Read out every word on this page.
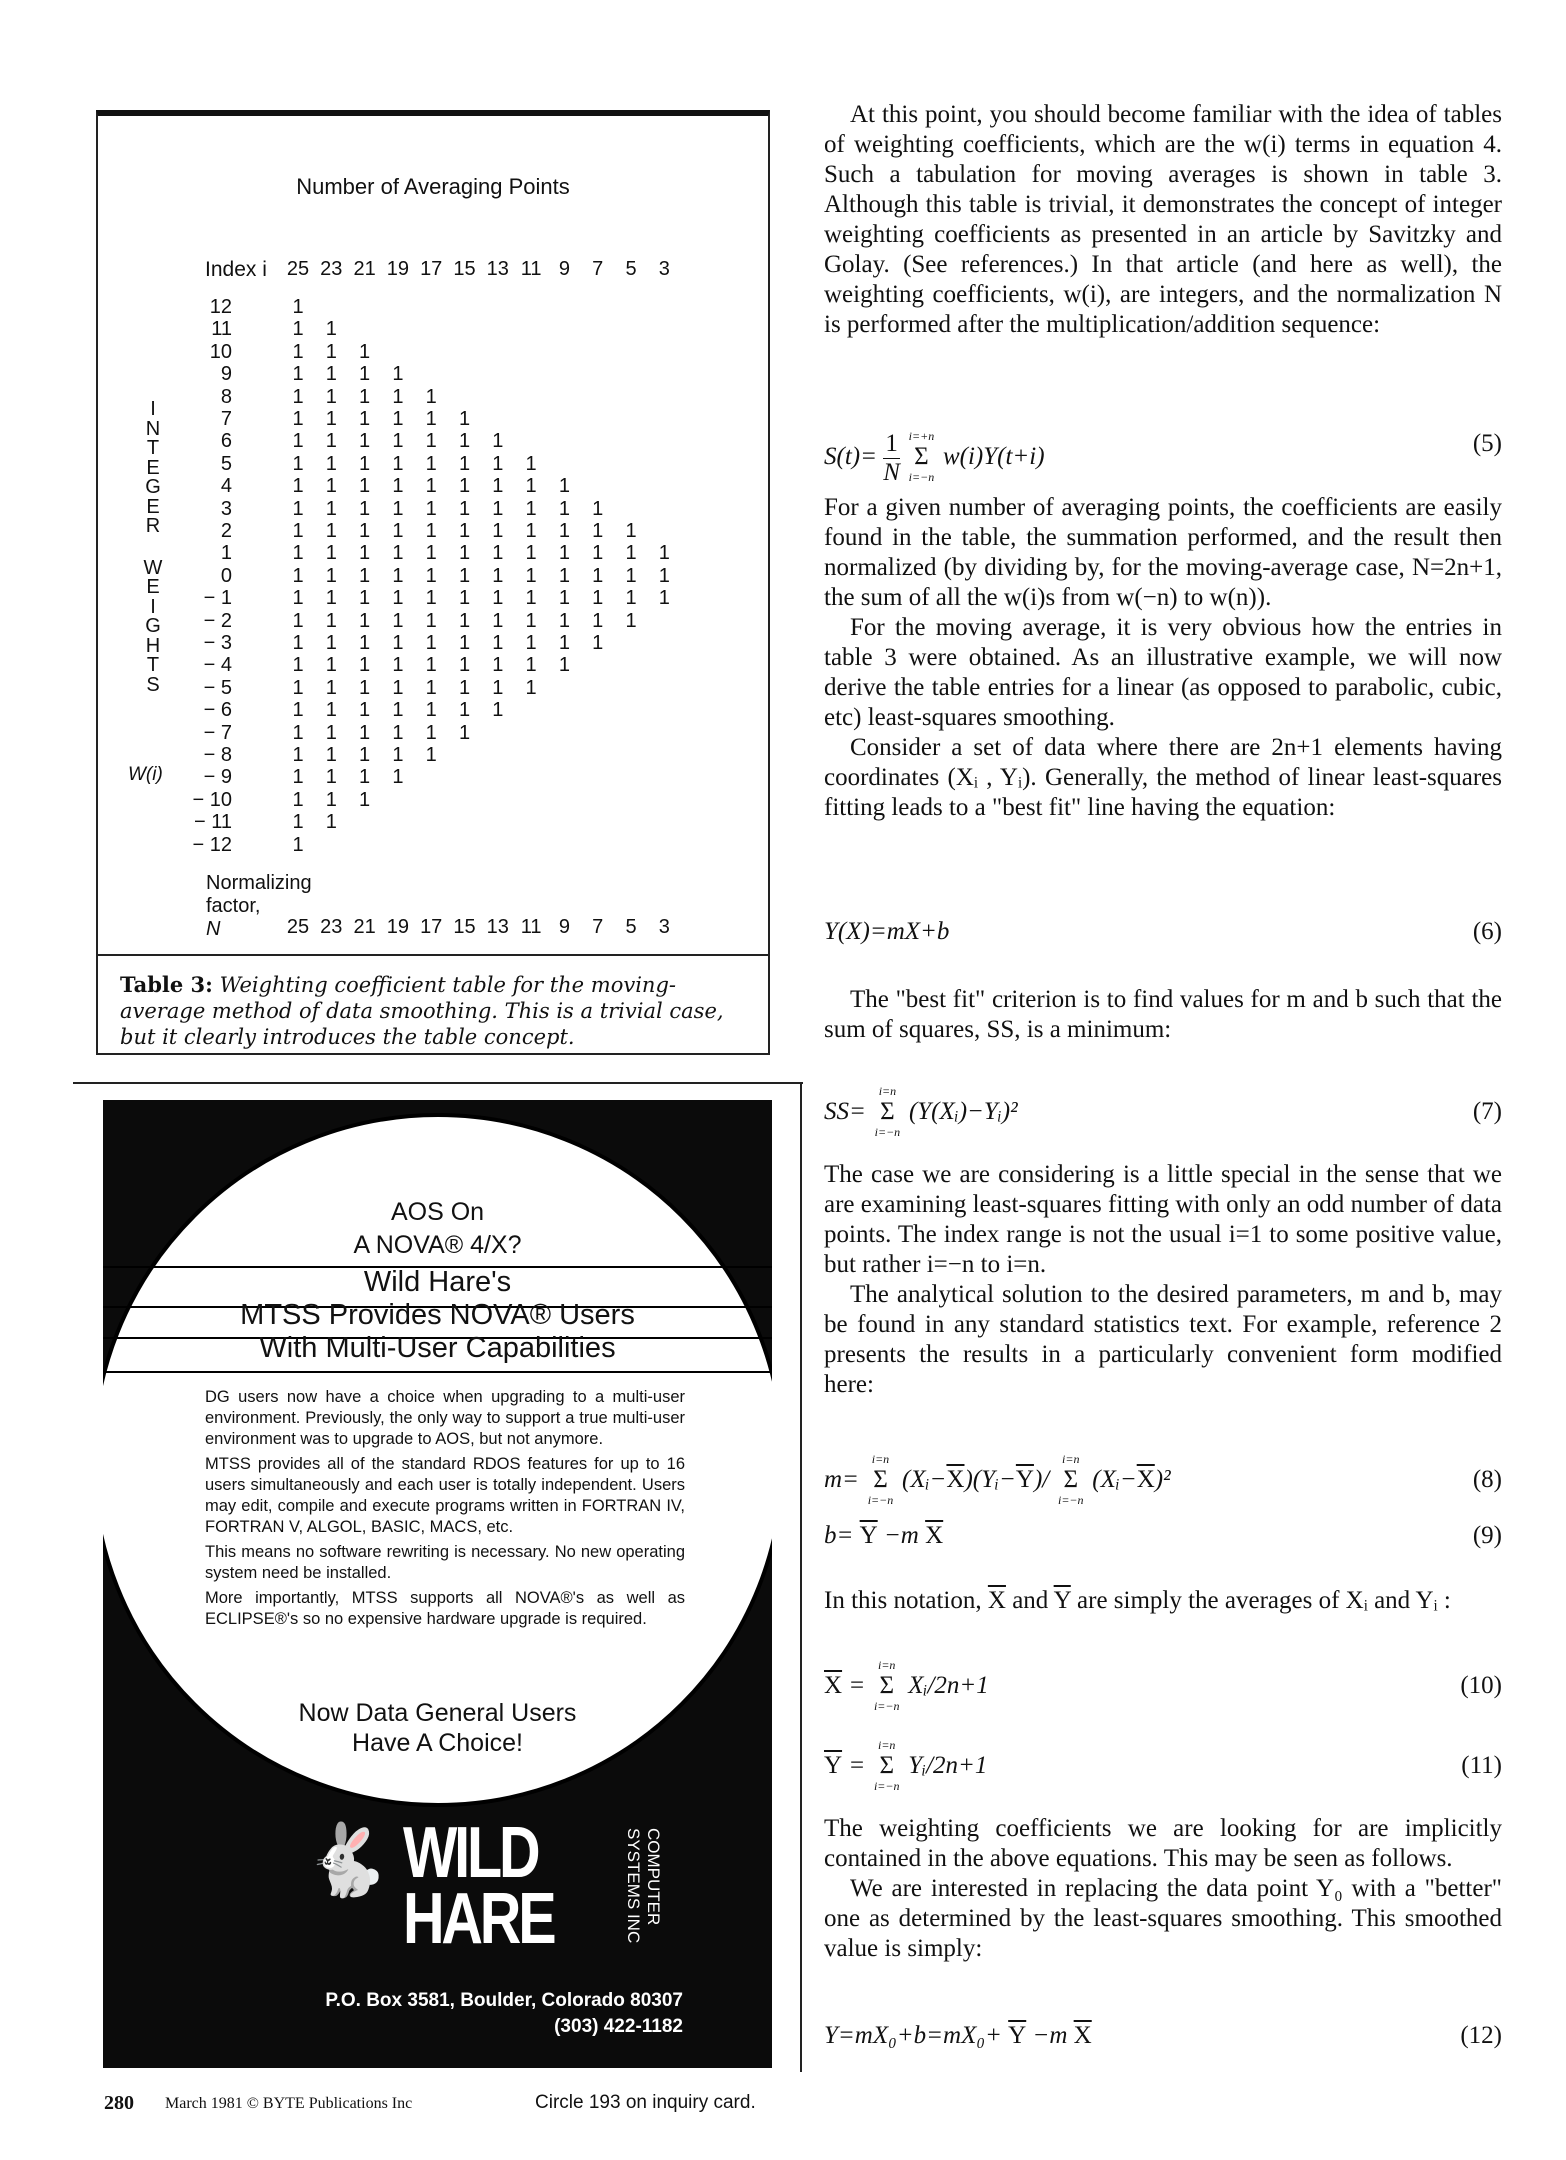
Number of Averaging Points
Index i	25 23 21 19 17 15 13 11 9	7	5	3
12	1
11	1	1
10	1	1	1
9	1	1	1	1
8	1	1	1	1	1
7	1	1	1	1	1	1
6	1	1	1	1	1	1	1
5	1	1	1	1	1	1	1	1
4	1	1	1	1	1	1	1	1	1
3	1	1	1	1	1	1	1	1	1	1
2	1	1	1	1	1	1	1	1	1	1	1
1	1	1	1	1	1	1	1	1	1	1	1	1
0	1	1	1	1	1	1	1	1	1	1	1	1
− 1	1	1	1	1	1	1	1	1	1	1	1	1
− 2	1	1	1	1	1	1	1	1	1	1	1
− 3	1	1	1	1	1	1	1	1	1	1
− 4	1	1	1	1	1	1	1	1	1
− 5	1	1	1	1	1	1	1	1
− 6	1	1	1	1	1	1	1
− 7	1	1	1	1	1	1
− 8	1	1	1	1	1
− 9	1	1	1	1
− 10	1	1	1
− 11	1	1
− 12	1
I
N
T
E
G
E
R
W
E
I
G
H
T
S
W(i)
Normalizing
factor,
N	25 23 21 19 17 15 13 11 9	7	5	3
Table 3: Weighting coefficient table for the moving-average method of data smoothing. This is a trivial case, but it clearly introduces the table concept.
AOS On
A NOVA® 4/X?
Wild Hare's
MTSS Provides NOVA® Users
With Multi-User Capabilities
DG users now have a choice when upgrading to a multi-user environment. Previously, the only way to support a true multi-user environment was to upgrade to AOS, but not anymore.
MTSS provides all of the standard RDOS features for up to 16 users simultaneously and each user is totally independent. Users may edit, compile and execute programs written in FORTRAN IV, FORTRAN V, ALGOL, BASIC, MACS, etc.
This means no software rewriting is necessary. No new operating system need be installed.
More importantly, MTSS supports all NOVA®'s as well as ECLIPSE®'s so no expensive hardware upgrade is required.
Now Data General Users
Have A Choice!
WILD
HARE
🐇	COMPUTER SYSTEMS INC
P.O. Box 3581, Boulder, Colorado 80307
(303) 422-1182

At this point, you should become familiar with the idea of tables of weighting coefficients, which are the w(i) terms in equation 4. Such a tabulation for moving averages is shown in table 3. Although this table is trivial, it demonstrates the concept of integer weighting coefficients as presented in an article by Savitzky and Golay. (See references.) In that article (and here as well), the weighting coefficients, w(i), are integers, and the normalization N is performed after the multiplication/addition sequence:

$S(t)= \frac{1}{N}$ Σ
i=+n
i=−n
w(i)Y(t+i)	(5)

For a given number of averaging points, the coefficients are easily found in the table, the summation performed, and the result then normalized (by dividing by, for the moving-average case, N=2n+1, the sum of all the w(i)s from w(−n) to w(n)).

For the moving average, it is very obvious how the entries in table 3 were obtained. As an illustrative example, we will now derive the table entries for a linear (as opposed to parabolic, cubic, etc) least-squares smoothing.

Consider a set of data where there are 2n+1 elements having coordinates (Xᵢ , Yᵢ). Generally, the method of linear least-squares fitting leads to a "best fit" line having the equation:

Y(X)=mX+b	(6)

The "best fit" criterion is to find values for m and b such that the sum of squares, SS, is a minimum:

SS= Σ
i=n
i=−n
(Y(Xᵢ)−Yᵢ)²	(7)

The case we are considering is a little special in the sense that we are examining least-squares fitting with only an odd number of data points. The index range is not the usual i=1 to some positive value, but rather i=−n to i=n.

The analytical solution to the desired parameters, m and b, may be found in any standard statistics text. For example, reference 2 presents the results in a particularly convenient form modified here:

m= Σ
i=n
i=−n
$(Xᵢ-\overline{X})(Yᵢ-\overline{Y})/$ Σ
i=n
i=−n
$(Xᵢ-\overline{X})^2$	(8)
$b= \overline{Y} -m$ $\overline{X}$	(9)

In this notation, $\overline{X}$ and $\overline{Y}$ are simply the averages of Xᵢ and Yᵢ :

$\overline{X} = \Sigma$
i=n
i=−n
Xᵢ/2n+1	(10)
$\overline{Y} = \Sigma$
i=n
i=−n
Yᵢ/2n+1	(11)

The weighting coefficients we are looking for are implicitly contained in the above equations. This may be seen as follows.

We are interested in replacing the data point Y₀ with a "better" one as determined by the least-squares smoothing. This smoothed value is simply:

$Y=mX_0+b=mX_0+ \overline{Y} -m$ $\overline{X}$	(12)
280 March 1981 © BYTE Publications Inc	Circle 193 on inquiry card.
